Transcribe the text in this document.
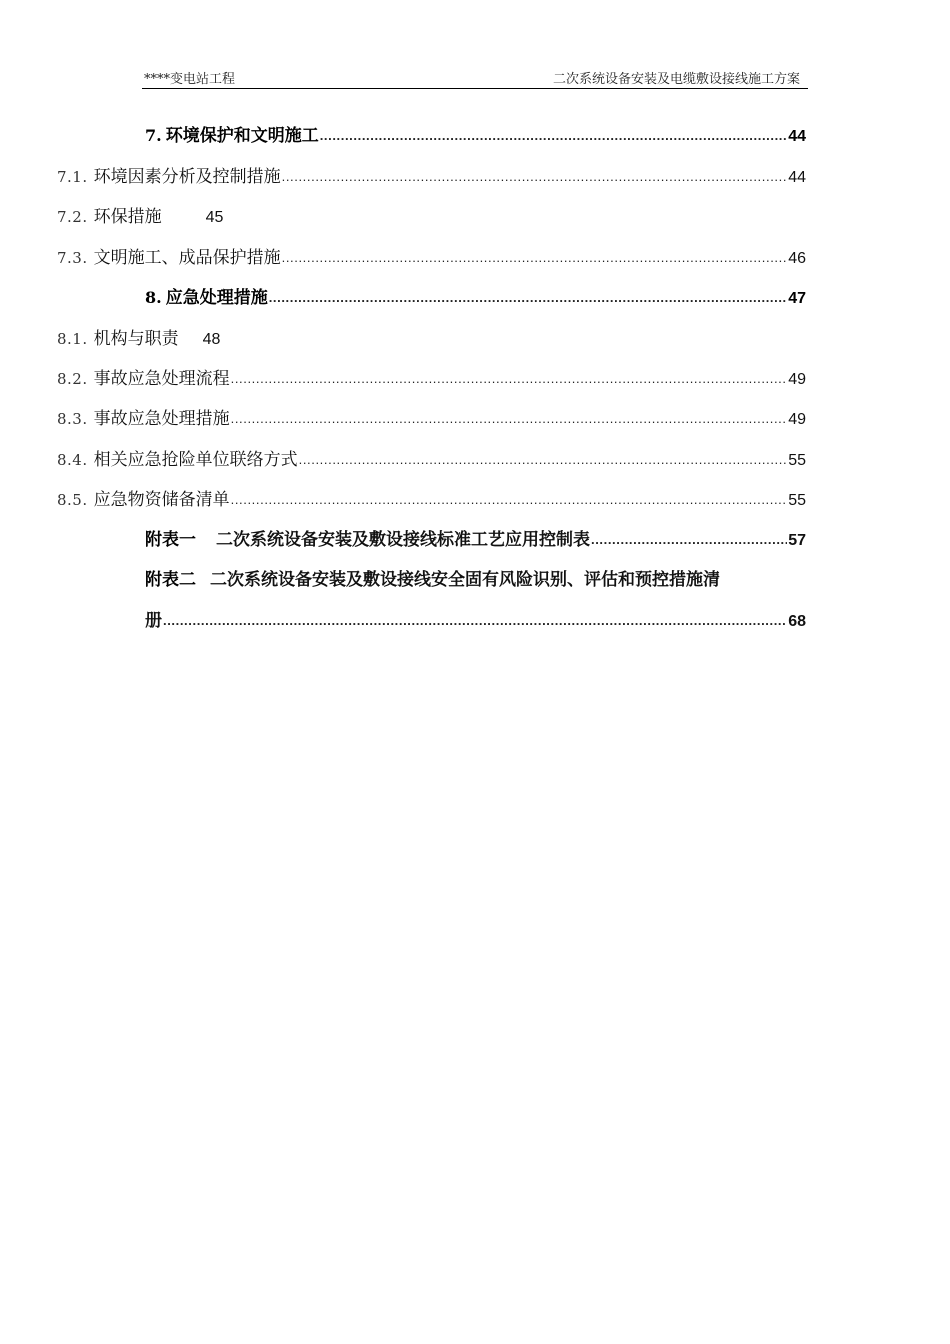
****变电站工程	二次系统设备安装及电缆敷设接线施工方案
7. 环境保护和文明施工 .....	44
7.1. 环境因素分析及控制措施 .....	44
7.2. 环保措施	45
7.3. 文明施工、成品保护措施 .....	46
8. 应急处理措施 .....	47
8.1. 机构与职责 48
8.2. 事故应急处理流程 .....	49
8.3. 事故应急处理措施 .....	49
8.4. 相关应急抢险单位联络方式 .....	55
8.5. 应急物资储备清单 .....	55
附表一 二次系统设备安装及敷设接线标准工艺应用控制表 .....	57
附表二 二次系统设备安装及敷设接线安全固有风险识别、评估和预控措施清
册 .....	68
